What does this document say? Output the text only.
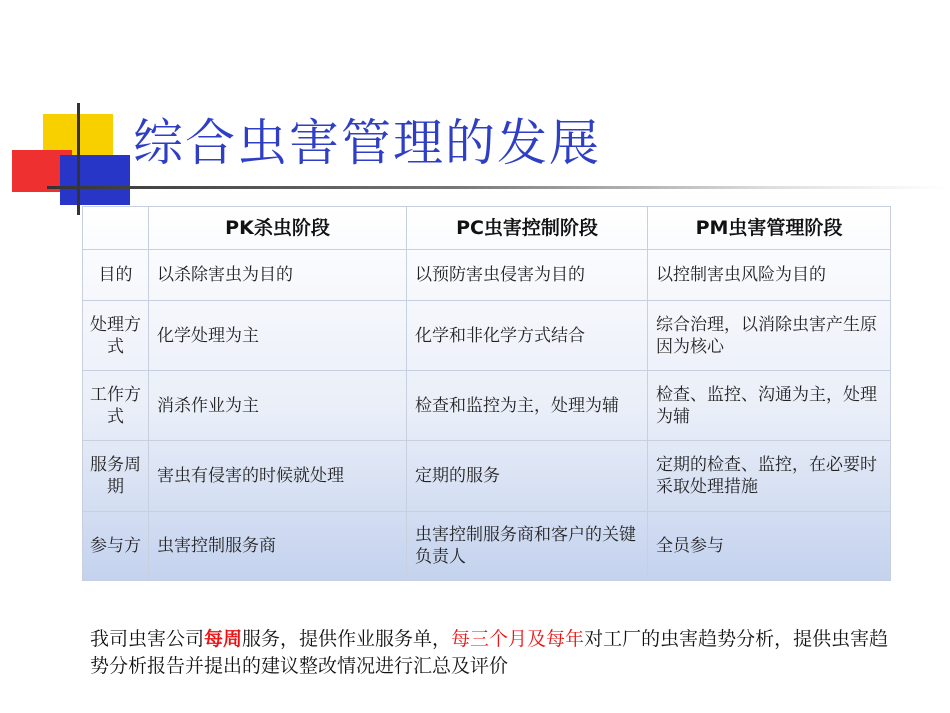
综合虫害管理的发展
	PK杀虫阶段	PC虫害控制阶段	PM虫害管理阶段
目的	以杀除害虫为目的	以预防害虫侵害为目的	以控制害虫风险为目的
处理方式	化学处理为主	化学和非化学方式结合	综合治理，以消除虫害产生原因为核心
工作方式	消杀作业为主	检查和监控为主，处理为辅	检查、监控、沟通为主，处理为辅
服务周期	害虫有侵害的时候就处理	定期的服务	定期的检查、监控，在必要时采取处理措施
参与方	虫害控制服务商	虫害控制服务商和客户的关键负责人	全员参与
我司虫害公司每周服务，提供作业服务单，每三个月及每年对工厂的虫害趋势分析，提供虫害趋势分析报告并提出的建议整改情况进行汇总及评价
